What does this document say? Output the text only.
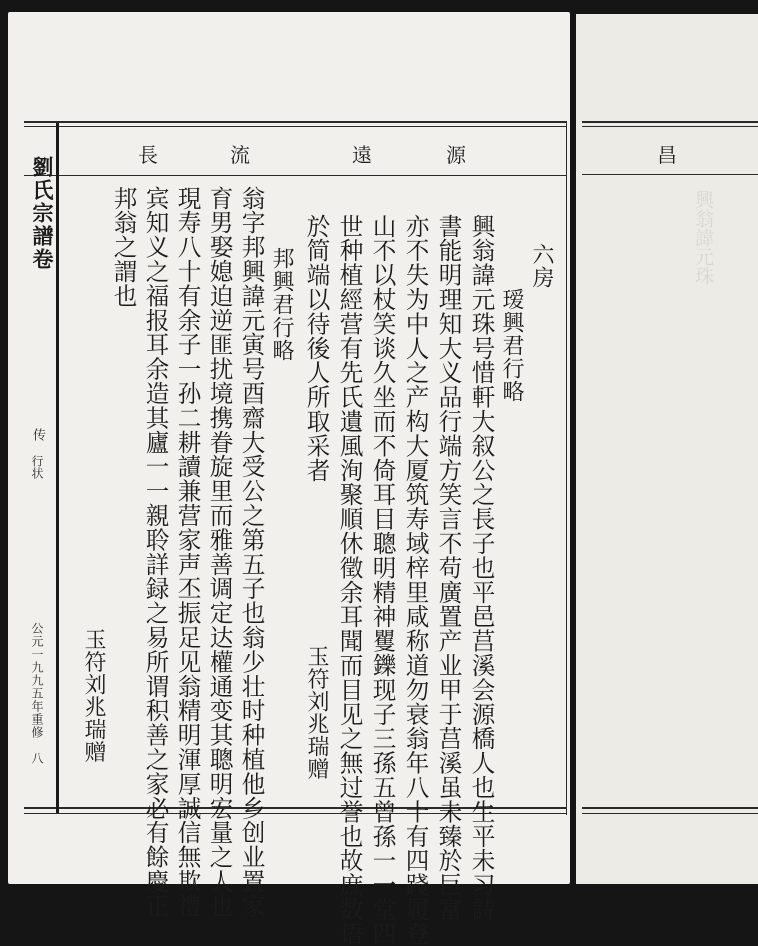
長	流	遠	源	昌
興翁諱元珠
劉氏宗譜卷
传
行状
公元一九九五年重修
八
六房
瑷興君行略
興翁諱元珠号惜軒大叙公之長子也平邑莒溪会源橋人也生平未习詩
書能明理知大义品行端方笑言不苟廣置产业甲于莒溪虽未臻於巨富
亦不失为中人之产构大厦筑寿域梓里咸称道勿衰翁年八十有四踐履登
山不以杖笑谈久坐而不倚耳目聰明精神矍鑠现子三孫五曾孫一一堂四
世种植經营有先氏遺風洵聚順休徵余耳聞而目见之無过誉也故庶数语
於简端以待後人所取采者
玉符刘兆瑞赠
邦興君行略
翁字邦興諱元寅号酉齋大受公之第五子也翁少壮时种植他乡创业置家
育男娶媳迫逆匪扰境携眷旋里而雅善调定达權通变其聰明宏量之人也
現寿八十有余子一孙二耕讀兼营家声丕振足见翁精明渾厚誠信無欺禮
宾知义之福报耳余造其廬一一親聆詳録之易所谓积善之家必有餘慶正
邦翁之謂也
玉符刘兆瑞赠
